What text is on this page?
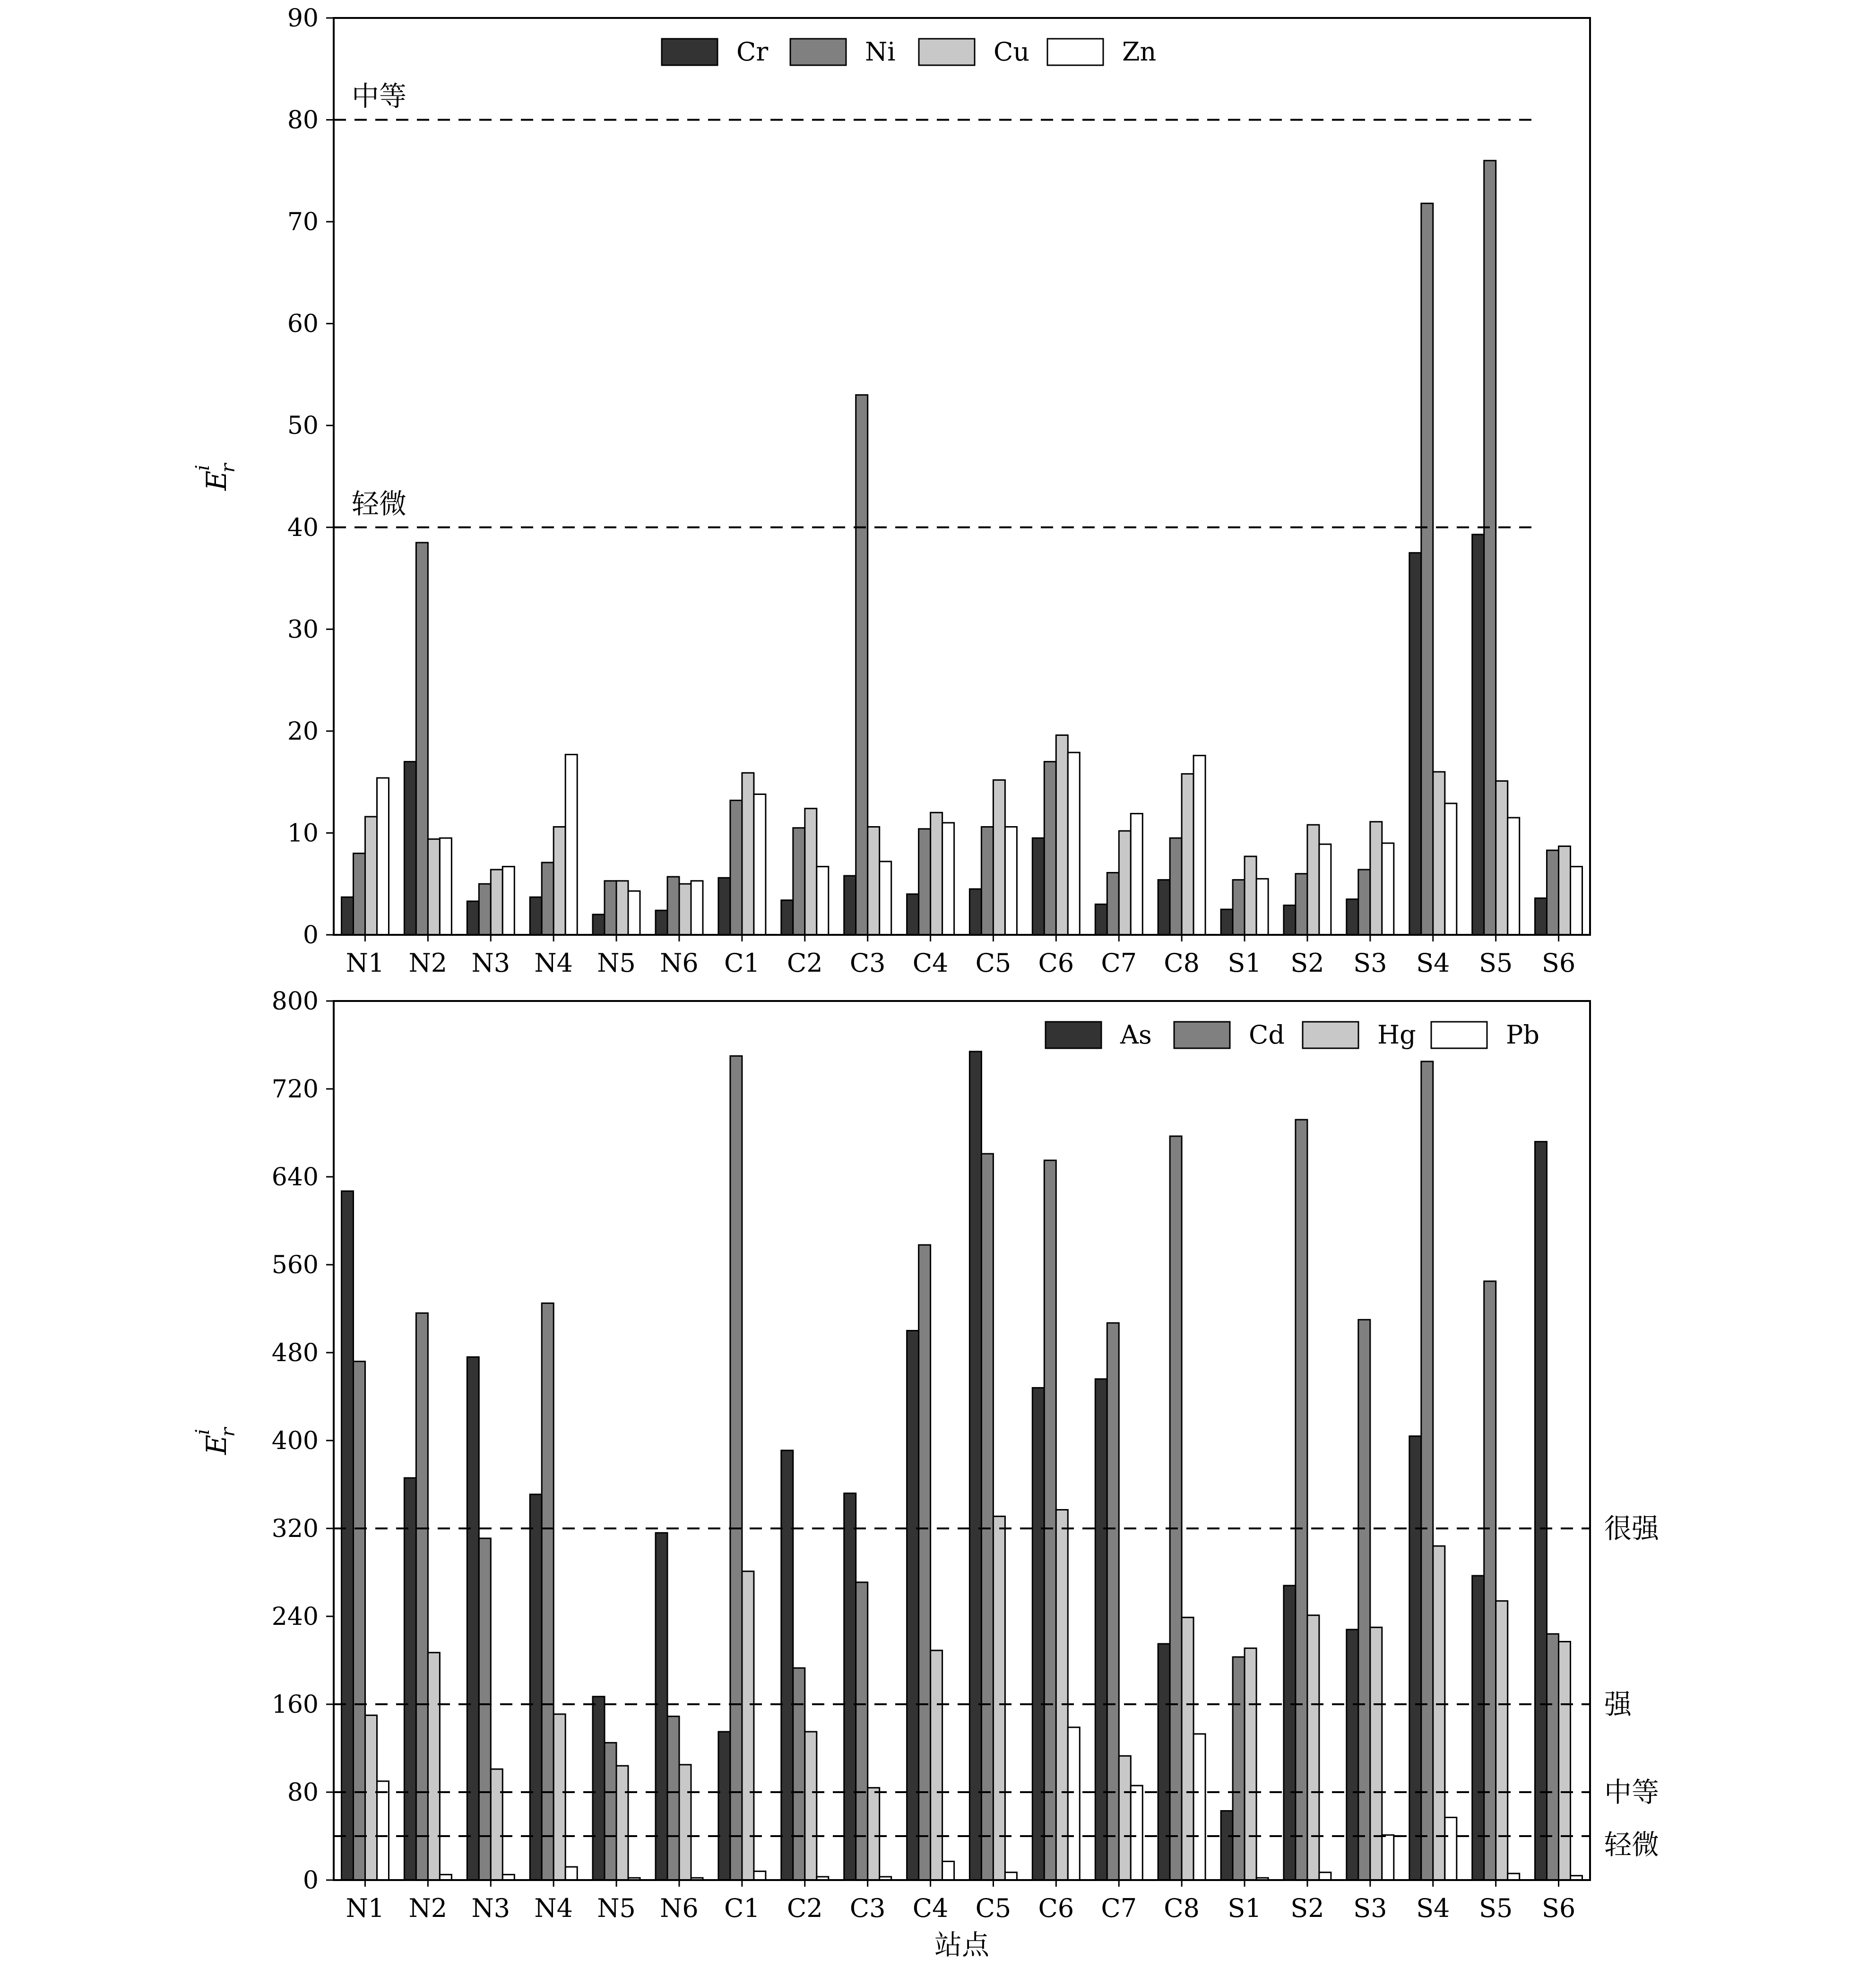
轻微
中等
0
10
20
30
40
50
60
70
80
90
N1 N2 N3 N4 N5 N6 C1 C2 C3 C4 C5 C6 C7 C8 S1 S2 S3 S4 S5 S6
Cr	Ni	Cu	Zn
E
r
i
轻微
中等
强
很强
0
80
160
240
320
400
480
560
640
720
800
N1 N2 N3 N4 N5 N6 C1 C2 C3 C4 C5 C6 C7 C8 S1 S2 S3 S4 S5 S6
As	Cd	Hg	Pb
E
r
i
站点
